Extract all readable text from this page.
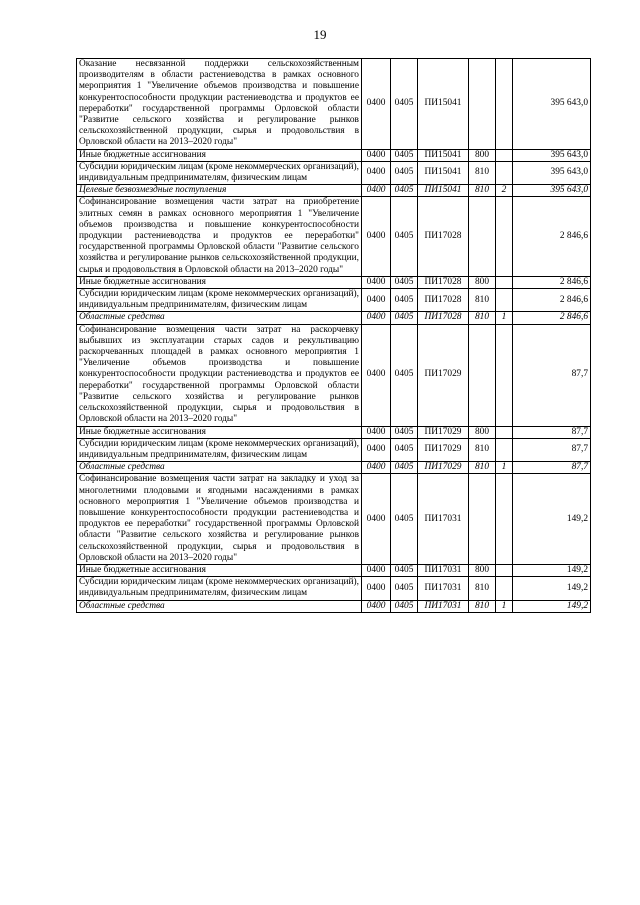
19
Оказание несвязанной поддержки сельскохозяйственным производителям в области растениеводства в рамках основного мероприятия 1 "Увеличение объемов производства и повышение конкурентоспособности продукции растениеводства и продуктов ее переработки" государственной программы Орловской области "Развитие сельского хозяйства и регулирование рынков сельскохозяйственной продукции, сырья и продовольствия в Орловской области на 2013–2020 годы"	0400	0405	ПИ15041			395 643,0
Иные бюджетные ассигнования	0400	0405	ПИ15041	800		395 643,0
Субсидии юридическим лицам (кроме некоммерческих организаций), индивидуальным предпринимателям, физическим лицам	0400	0405	ПИ15041	810		395 643,0
Целевые безвозмездные поступления	0400	0405	ПИ15041	810	2	395 643,0
Софинансирование возмещения части затрат на приобретение элитных семян в рамках основного мероприятия 1 "Увеличение объемов производства и повышение конкурентоспособности продукции растениеводства и продуктов ее переработки" государственной программы Орловской области "Развитие сельского хозяйства и регулирование рынков сельскохозяйственной продукции, сырья и продовольствия в Орловской области на 2013–2020 годы"	0400	0405	ПИ17028			2 846,6
Иные бюджетные ассигнования	0400	0405	ПИ17028	800		2 846,6
Субсидии юридическим лицам (кроме некоммерческих организаций), индивидуальным предпринимателям, физическим лицам	0400	0405	ПИ17028	810		2 846,6
Областные средства	0400	0405	ПИ17028	810	1	2 846,6
Софинансирование возмещения части затрат на раскорчевку выбывших из эксплуатации старых садов и рекультивацию раскорчеванных площадей в рамках основного мероприятия 1 "Увеличение объемов производства и повышение конкурентоспособности продукции растениеводства и продуктов ее переработки" государственной программы Орловской области "Развитие сельского хозяйства и регулирование рынков сельскохозяйственной продукции, сырья и продовольствия в Орловской области на 2013–2020 годы"	0400	0405	ПИ17029			87,7
Иные бюджетные ассигнования	0400	0405	ПИ17029	800		87,7
Субсидии юридическим лицам (кроме некоммерческих организаций), индивидуальным предпринимателям, физическим лицам	0400	0405	ПИ17029	810		87,7
Областные средства	0400	0405	ПИ17029	810	1	87,7
Софинансирование возмещения части затрат на закладку и уход за многолетними плодовыми и ягодными насаждениями в рамках основного мероприятия 1 "Увеличение объемов производства и повышение конкурентоспособности продукции растениеводства и продуктов ее переработки" государственной программы Орловской области "Развитие сельского хозяйства и регулирование рынков сельскохозяйственной продукции, сырья и продовольствия в Орловской области на 2013–2020 годы"	0400	0405	ПИ17031			149,2
Иные бюджетные ассигнования	0400	0405	ПИ17031	800		149,2
Субсидии юридическим лицам (кроме некоммерческих организаций), индивидуальным предпринимателям, физическим лицам	0400	0405	ПИ17031	810		149,2
Областные средства	0400	0405	ПИ17031	810	1	149,2
